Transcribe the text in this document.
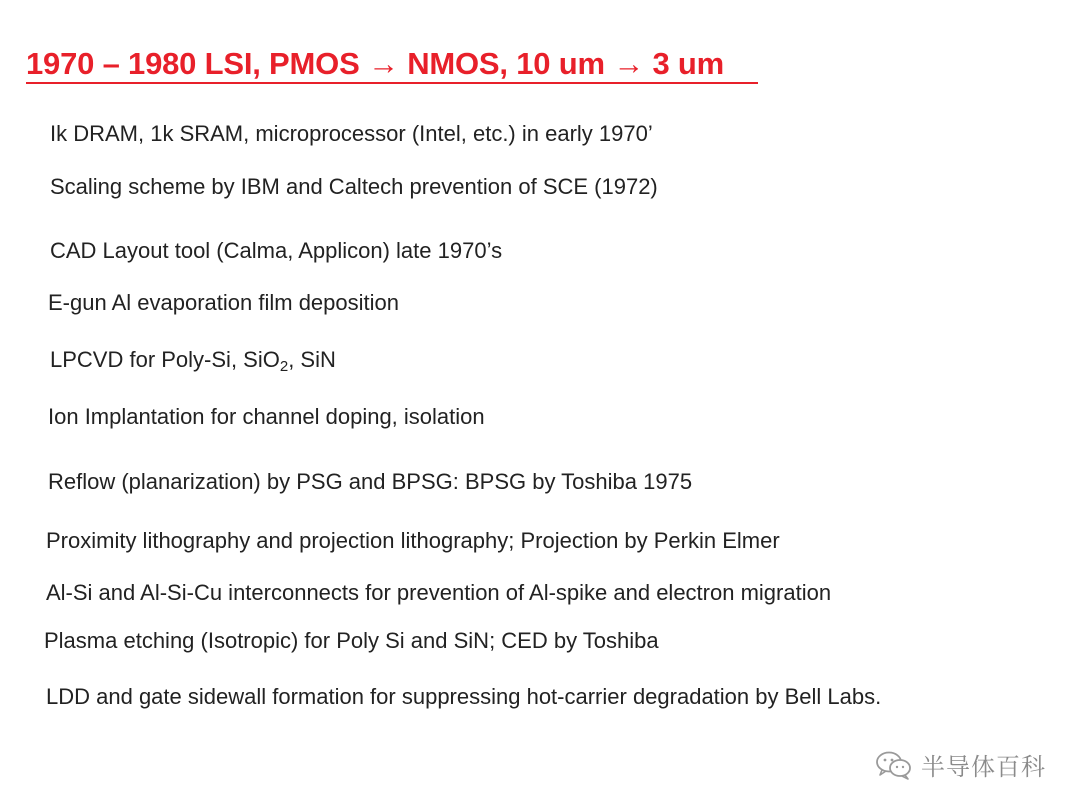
1970 – 1980 LSI, PMOS → NMOS, 10 um → 3 um
Ik DRAM, 1k SRAM, microprocessor (Intel, etc.) in early 1970’
Scaling scheme by IBM and Caltech prevention of SCE (1972)
CAD Layout tool (Calma, Applicon) late 1970’s
E-gun Al evaporation film deposition
LPCVD for Poly-Si, SiO$_2$, SiN
Ion Implantation for channel doping, isolation
Reflow (planarization) by PSG and BPSG: BPSG by Toshiba 1975
Proximity lithography and projection lithography; Projection by Perkin Elmer
Al-Si and Al-Si-Cu interconnects for prevention of Al-spike and electron migration
Plasma etching (Isotropic) for Poly Si and SiN; CED by Toshiba
LDD and gate sidewall formation for suppressing hot-carrier degradation by Bell Labs.
半导体百科
